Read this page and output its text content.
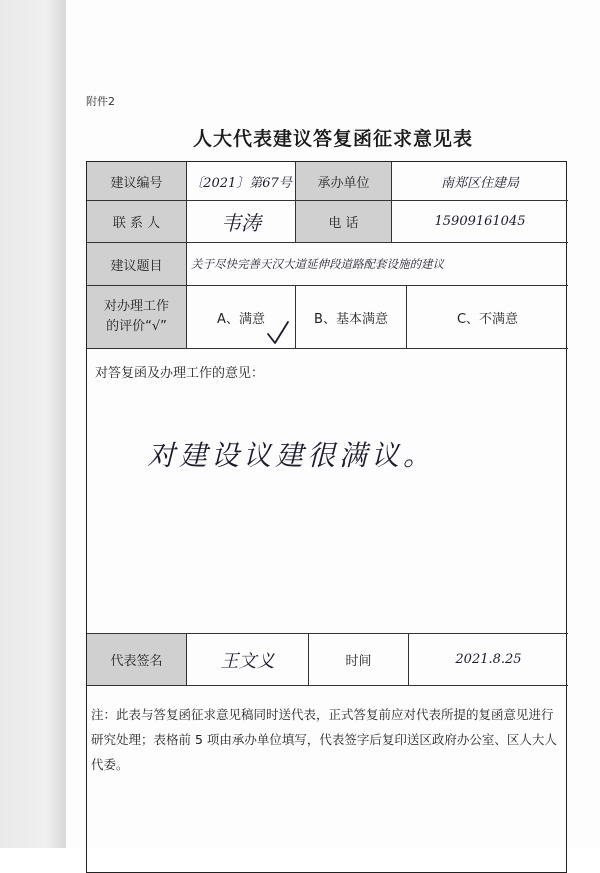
附件2
人大代表建议答复函征求意见表
建议编号	〔2021〕第67号	承办单位	南郑区住建局
联 系 人	韦涛	电 话	15909161045
建议题目	关于尽快完善天汉大道延伸段道路配套设施的建议
对办理工作
的评价“√”	A、满意	B、基本满意	C、不满意
对答复函及办理工作的意见：
对建设议建很满议。
代表签名	王文义	时间	2021.8.25
注：此表与答复函征求意见稿同时送代表，正式答复前应对代表所提的复函意见进行研究处理；表格前 5 项由承办单位填写，代表签字后复印送区政府办公室、区人大人代委。
